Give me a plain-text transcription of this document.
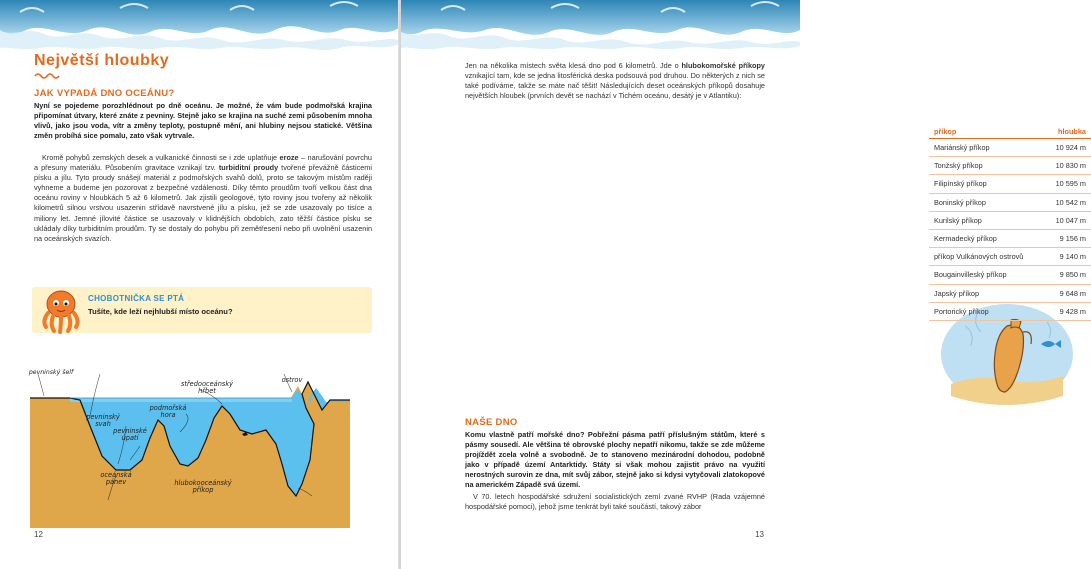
Největší hloubky
JAK VYPADÁ DNO OCEÁNU?
Nyní se pojedeme porozhlédnout po dně oceánu. Je možné, že vám bude podmořská krajina připomínat útvary, které znáte z pevniny. Stejně jako se krajina na suché zemi působením mnoha vlivů, jako jsou voda, vítr a změny teploty, postupně mění, ani hlubiny nejsou statické. Většina změn probíhá sice pomalu, zato však vytrvale.

Kromě pohybů zemských desek a vulkanické činnosti se i zde uplatňuje eroze – narušování povrchu a přesuny materiálu. Působením gravitace vznikají tzv. turbiditní proudy tvořené převážně částicemi písku a jílu. Tyto proudy snášejí materiál z podmořských svahů dolů, proto se takovým místům raději vyhneme a budeme jen pozorovat z bezpečné vzdálenosti. Díky těmto proudům tvoří velkou část dna oceánu roviny v hloubkách 5 až 6 kilometrů. Jak zjistili geologové, tyto roviny jsou tvořeny až několik kilometrů silnou vrstvou usazenin střídavě navrstvené jílu a písku, jež se zde usazovaly po tisíce a miliony let. Jemné jílovité částice se usazovaly v klidnějších obdobích, zato těžší částice písku se ukládaly díky turbiditním proudům. Ty se dostaly do pohybu při zemětřesení nebo při uvolnění usazenin na oceánských svazích.

CHOBOTNIČKA SE PTÁ
Tušíte, kde leží nejhlubší místo oceánu?
pevninský šelf
pevninský svah
pevninské úpatí
středooceánský hřbet
podmořská hora
ostrov
oceánská pánev	hlubokooceánský příkop
12
Jen na několika místech světa klesá dno pod 6 kilometrů. Jde o hlubokomořské příkopy vznikající tam, kde se jedna litosférická deska podsouvá pod druhou. Do některých z nich se také podíváme, takže se máte nač těšit! Následujících deset oceánských příkopů dosahuje největších hloubek (prvních devět se nachází v Tichém oceánu, desátý je v Atlantiku):
příkop	hloubka
Mariánský příkop	10 924 m
Tonžský příkop	10 830 m
Filipínský příkop	10 595 m
Boninský příkop	10 542 m
Kurilský příkop	10 047 m
Kermadecký příkop	9 156 m
příkop Vulkánových ostrovů	9 140 m
Bougainvilleský příkop	9 850 m
Japský příkop	9 648 m
Portorický příkop	9 428 m
NAŠE DNO
Komu vlastně patří mořské dno? Pobřežní pásma patří příslušným státům, které s pásmy sousedí. Ale většina té obrovské plochy nepatří nikomu, takže se zde můžeme projíždět zcela volně a svobodně. Je to stanoveno mezinárodní dohodou, podobně jako v případě území Antarktidy. Státy si však mohou zajistit právo na využití nerostných surovin ze dna, mít svůj zábor, stejně jako si kdysi vytyčovali zlatokopové na americkém Západě svá území.

V 70. letech hospodářské sdružení socialistických zemí zvané RVHP (Rada vzájemné hospodářské pomoci), jehož jsme tenkrát byli také součástí, takový zábor

13
